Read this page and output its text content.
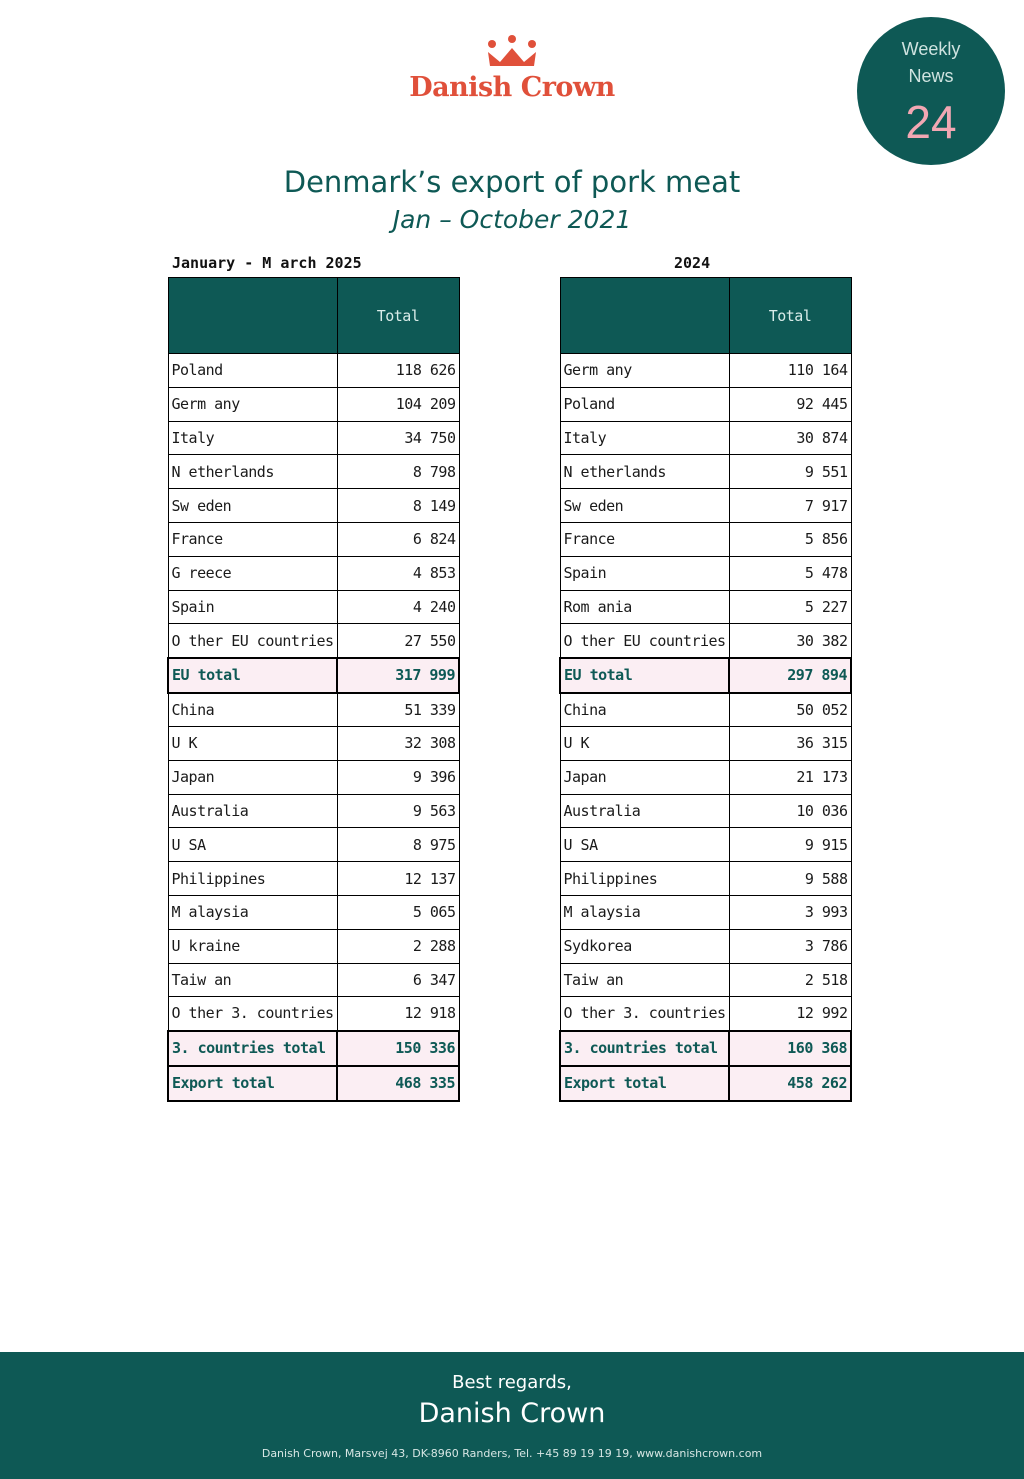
Danish Crown
Weekly
News
24
Denmark’s export of pork meat
Jan – October 2021
January - M arch 2025	2024
	Total
Poland	118 626
Germ any	104 209
Italy	34 750
N etherlands	8 798
Sw eden	8 149
France	6 824
G reece	4 853
Spain	4 240
O ther EU countries	27 550
EU total	317 999
China	51 339
U K	32 308
Japan	9 396
Australia	9 563
U SA	8 975
Philippines	12 137
M alaysia	5 065
U kraine	2 288
Taiw an	6 347
O ther 3. countries	12 918
3. countries total	150 336
Export total	468 335
	Total
Germ any	110 164
Poland	92 445
Italy	30 874
N etherlands	9 551
Sw eden	7 917
France	5 856
Spain	5 478
Rom ania	5 227
O ther EU countries	30 382
EU total	297 894
China	50 052
U K	36 315
Japan	21 173
Australia	10 036
U SA	9 915
Philippines	9 588
M alaysia	3 993
Sydkorea	3 786
Taiw an	2 518
O ther 3. countries	12 992
3. countries total	160 368
Export total	458 262
Best regards,
Danish Crown
Danish Crown, Marsvej 43, DK-8960 Randers, Tel. +45 89 19 19 19, www.danishcrown.com
